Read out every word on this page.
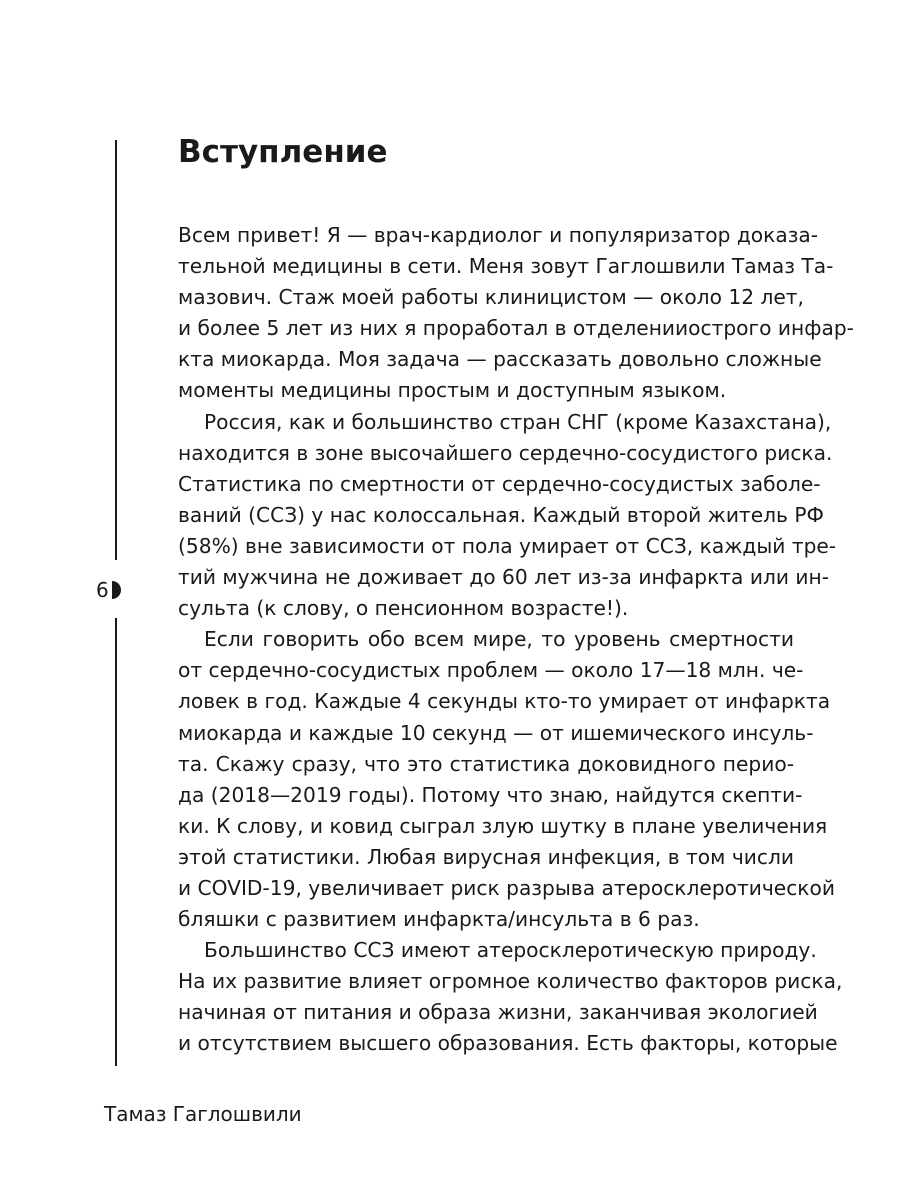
6
Вступление

Всем привет! Я — врач-кардиолог и популяризатор доказа-
тельной медицины в сети. Меня зовут Гаглошвили Тамаз Та-
мазович. Стаж моей работы клиницистом — около 12 лет,
и более 5 лет из них я проработал в отделенииострого инфар-
кта миокарда. Моя задача — рассказать довольно сложные
моменты медицины простым и доступным языком.

Россия, как и большинство стран СНГ (кроме Казахстана),
находится в зоне высочайшего сердечно-сосудистого риска.
Статистика по смертности от сердечно-сосудистых заболе-
ваний (ССЗ) у нас колоссальная. Каждый второй житель РФ
(58%) вне зависимости от пола умирает от ССЗ, каждый тре-
тий мужчина не доживает до 60 лет из-за инфаркта или ин-
сульта (к слову, о пенсионном возрасте!).

Если говорить обо всем мире, то уровень смертности
от сердечно-сосудистых проблем — около 17—18 млн. че-
ловек в год. Каждые 4 секунды кто-то умирает от инфаркта
миокарда и каждые 10 секунд — от ишемического инсуль-
та. Скажу сразу, что это статистика доковидного перио-
да (2018—2019 годы). Потому что знаю, найдутся скепти-
ки. К слову, и ковид сыграл злую шутку в плане увеличения
этой статистики. Любая вирусная инфекция, в том числи
и COVID-19, увеличивает риск разрыва атеросклеротической
бляшки с развитием инфаркта/инсульта в 6 раз.

Большинство ССЗ имеют атеросклеротическую природу.
На их развитие влияет огромное количество факторов риска,
начиная от питания и образа жизни, заканчивая экологией
и отсутствием высшего образования. Есть факторы, которые

Тамаз Гаглошвили
